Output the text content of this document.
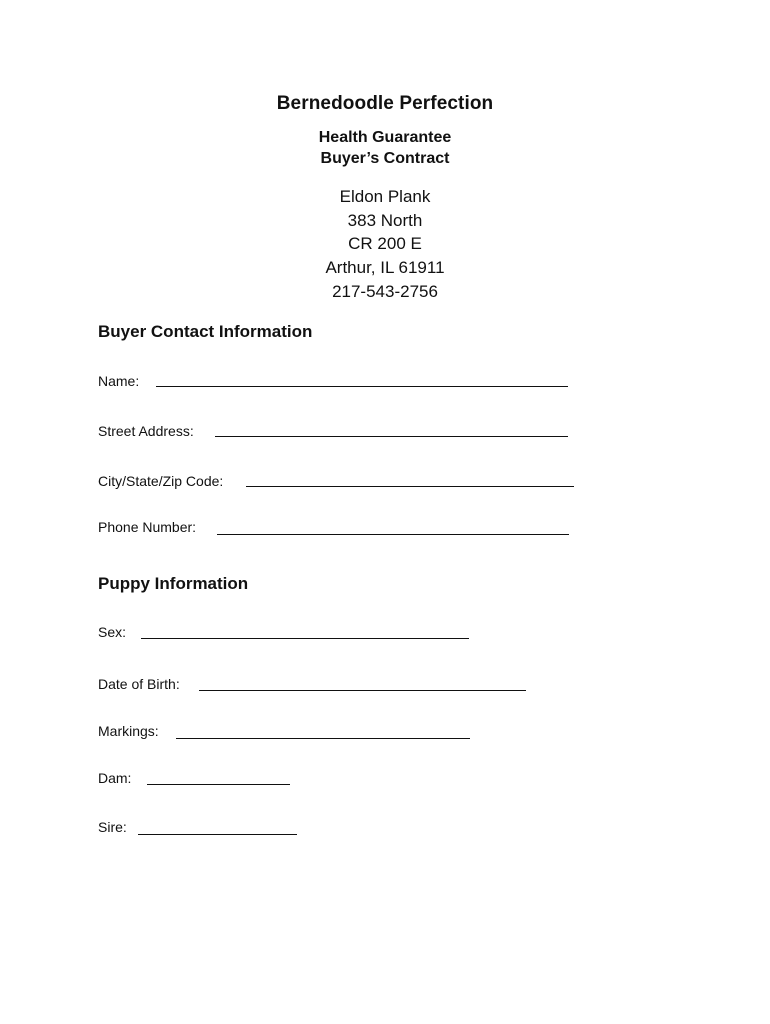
Bernedoodle Perfection
Health Guarantee
Buyer’s Contract
Eldon Plank
383 North
CR 200 E
Arthur, IL 61911
217-543-2756
Buyer Contact Information
Name:
Street Address:
City/State/Zip Code:
Phone Number:
Puppy Information
Sex:
Date of Birth:
Markings:
Dam:
Sire:
